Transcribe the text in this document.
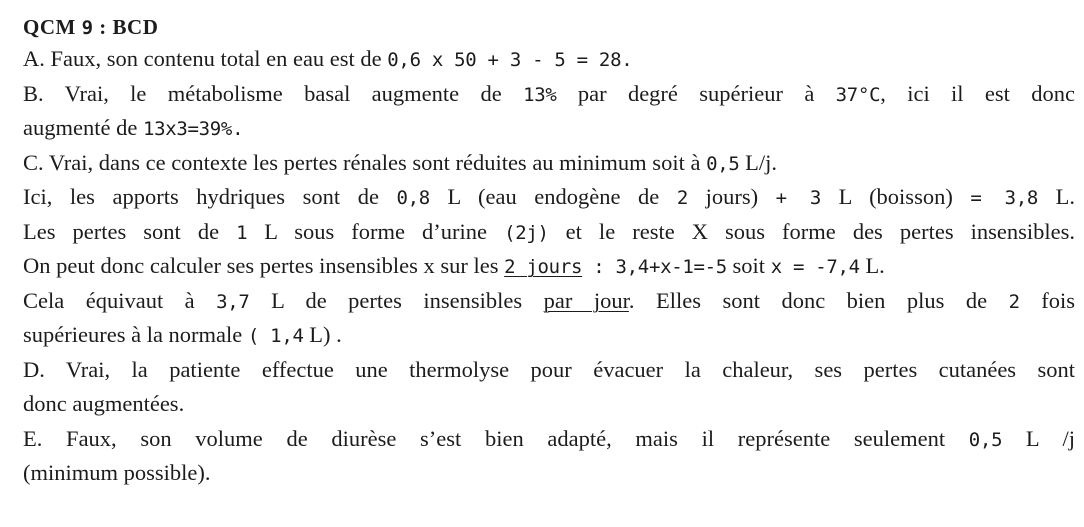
QCM 9 : BCD
A. Faux, son contenu total en eau est de 0,6 x 50 + 3 - 5 = 28.
B. Vrai, le métabolisme basal augmente de 13% par degré supérieur à 37°C, ici il est donc
augmenté de 13x3=39%.
C. Vrai, dans ce contexte les pertes rénales sont réduites au minimum soit à 0,5 L/j.
Ici, les apports hydriques sont de 0,8 L (eau endogène de 2 jours) + 3 L (boisson) = 3,8 L.
Les pertes sont de 1 L sous forme d’urine (2j) et le reste X sous forme des pertes insensibles.
On peut donc calculer ses pertes insensibles x sur les 2 jours : 3,4+x-1=-5 soit x = -7,4 L.
Cela équivaut à 3,7 L de pertes insensibles par jour. Elles sont donc bien plus de 2 fois
supérieures à la normale ( 1,4 L) .
D. Vrai, la patiente effectue une thermolyse pour évacuer la chaleur, ses pertes cutanées sont
donc augmentées.
E. Faux, son volume de diurèse s’est bien adapté, mais il représente seulement 0,5 L /j
(minimum possible).
